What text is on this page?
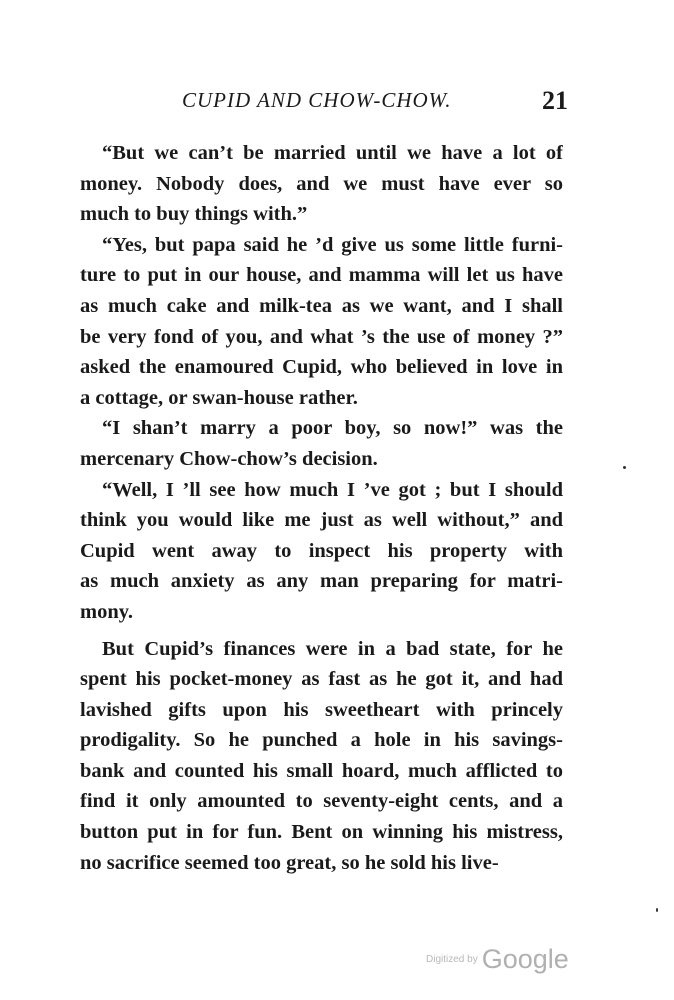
CUPID AND CHOW-CHOW.	21
“But we can’t be married until we have a lot of
money. Nobody does, and we must have ever so
much to buy things with.”
“Yes, but papa said he ’d give us some little furni-
ture to put in our house, and mamma will let us have
as much cake and milk-tea as we want, and I shall
be very fond of you, and what ’s the use of money ?”
asked the enamoured Cupid, who believed in love in
a cottage, or swan-house rather.
“I shan’t marry a poor boy, so now!” was the
mercenary Chow-chow’s decision.
“Well, I ’ll see how much I ’ve got ; but I should
think you would like me just as well without,” and
Cupid went away to inspect his property with
as much anxiety as any man preparing for matri-
mony.
But Cupid’s finances were in a bad state, for he
spent his pocket-money as fast as he got it, and had
lavished gifts upon his sweetheart with princely
prodigality. So he punched a hole in his savings-
bank and counted his small hoard, much afflicted to
find it only amounted to seventy-eight cents, and a
button put in for fun. Bent on winning his mistress,
no sacrifice seemed too great, so he sold his live-
Digitized by Google
